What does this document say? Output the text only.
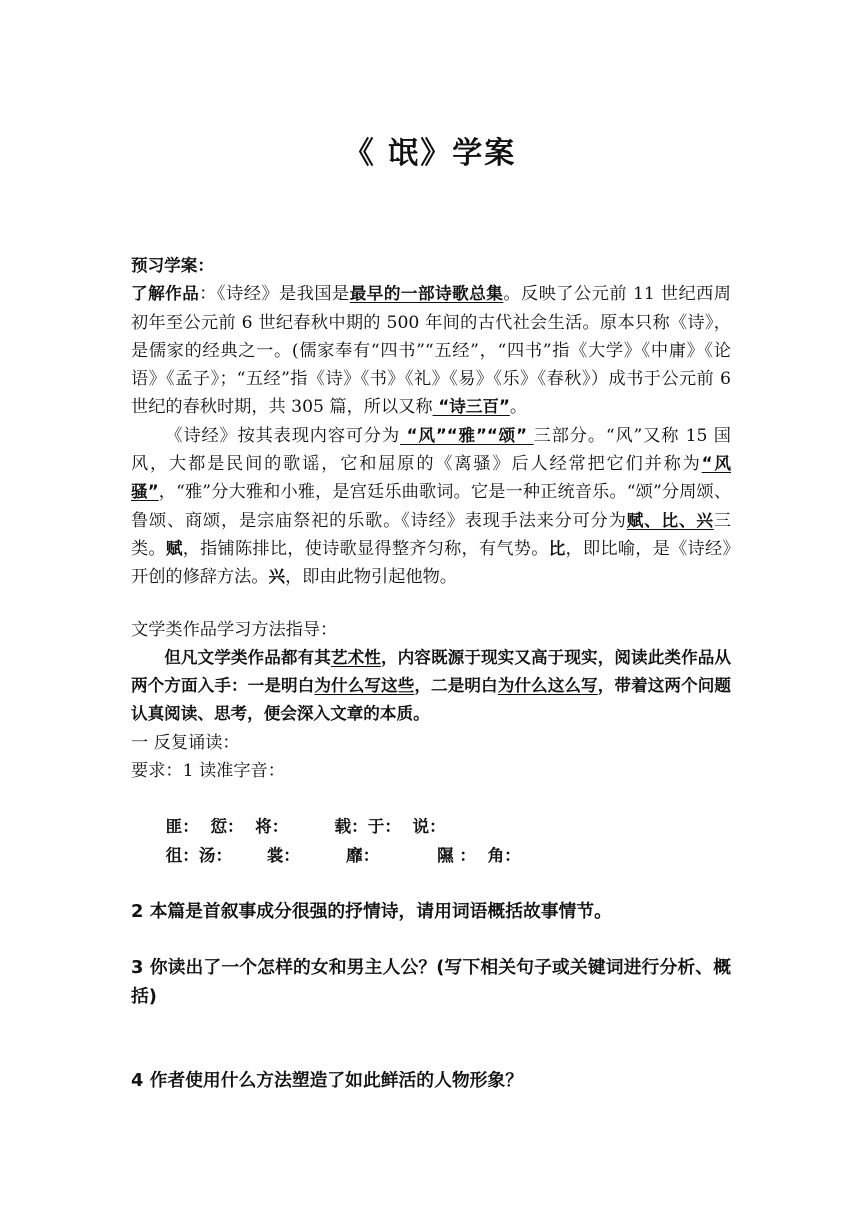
《 氓》学案

预习学案：

了解作品：《诗经》是我国是最早的一部诗歌总集。反映了公元前 11 世纪西周初年至公元前 6 世纪春秋中期的 500 年间的古代社会生活。原本只称《诗》，是儒家的经典之一。(儒家奉有“四书”“五经”，“四书”指《大学》《中庸》《论语》《孟子》；“五经”指《诗》《书》《礼》《易》《乐》《春秋》）成书于公元前 6 世纪的春秋时期，共 305 篇，所以又称 “诗三百”。

《诗经》按其表现内容可分为 “风”“雅”“颂” 三部分。“风”又称 15 国风，大都是民间的歌谣，它和屈原的《离骚》后人经常把它们并称为“风骚”，“雅”分大雅和小雅，是宫廷乐曲歌词。它是一种正统音乐。“颂”分周颂、鲁颂、商颂，是宗庙祭祀的乐歌。《诗经》表现手法来分可分为赋、比、兴三类。赋，指铺陈排比，使诗歌显得整齐匀称，有气势。比，即比喻，是《诗经》开创的修辞方法。兴，即由此物引起他物。

文学类作品学习方法指导：

但凡文学类作品都有其艺术性，内容既源于现实又高于现实，阅读此类作品从两个方面入手：一是明白为什么写这些，二是明白为什么这么写，带着这两个问题认真阅读、思考，便会深入文章的本质。

一 反复诵读：

要求：1 读准字音：

匪：  愆：  将：        载：于：  说：

徂：汤：      裳：        靡：          隰 ：  角：

2 本篇是首叙事成分很强的抒情诗，请用词语概括故事情节。

3 你读出了一个怎样的女和男主人公？(写下相关句子或关键词进行分析、概括)

4 作者使用什么方法塑造了如此鲜活的人物形象？
